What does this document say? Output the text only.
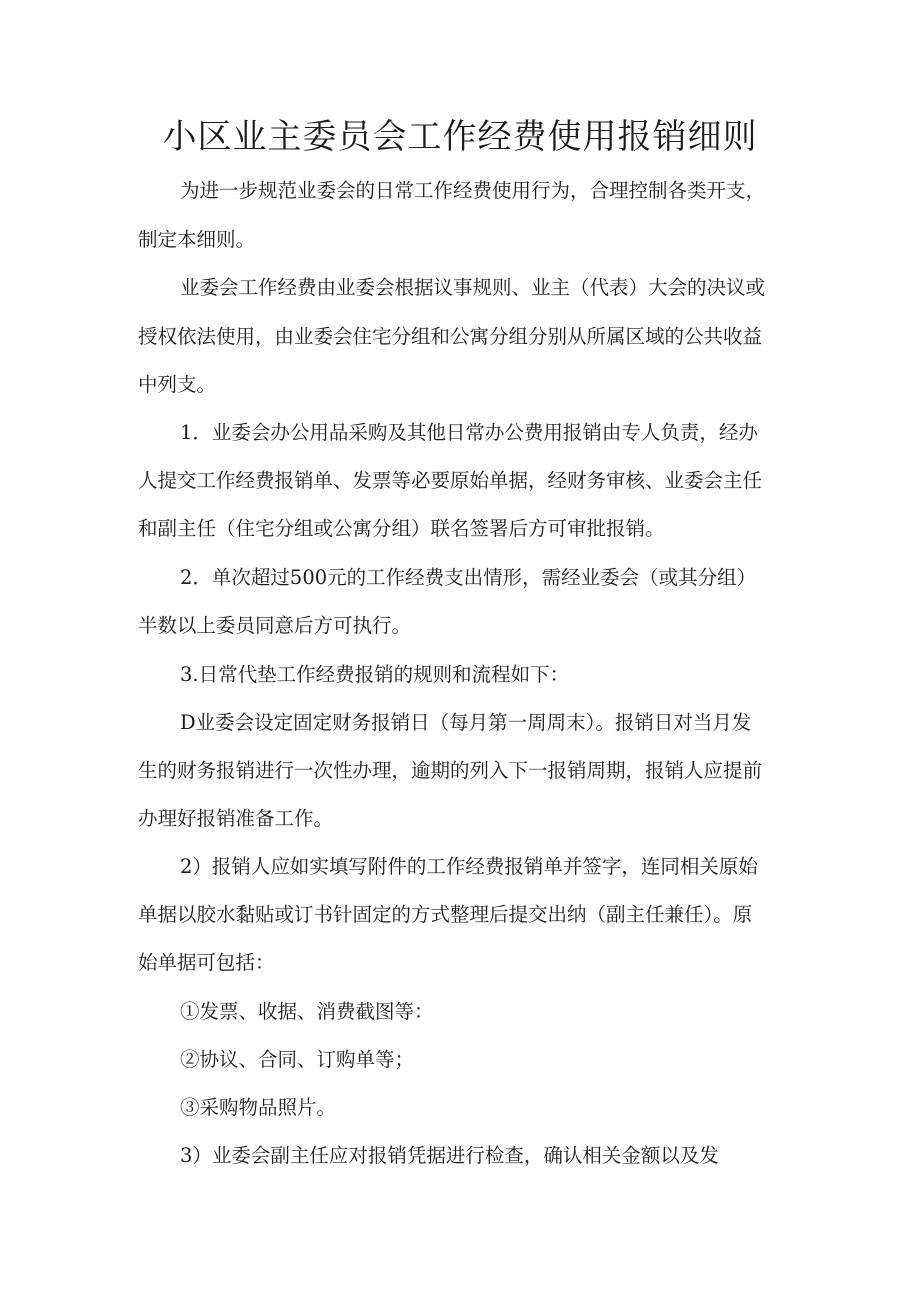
小区业主委员会工作经费使用报销细则

为进一步规范业委会的日常工作经费使用行为，合理控制各类开支，

制定本细则。

业委会工作经费由业委会根据议事规则、业主（代表）大会的决议或

授权依法使用，由业委会住宅分组和公寓分组分别从所属区域的公共收益

中列支。

1．业委会办公用品采购及其他日常办公费用报销由专人负责，经办

人提交工作经费报销单、发票等必要原始单据，经财务审核、业委会主任

和副主任（住宅分组或公寓分组）联名签署后方可审批报销。

2．单次超过500元的工作经费支出情形，需经业委会（或其分组）

半数以上委员同意后方可执行。

3.日常代垫工作经费报销的规则和流程如下：

D业委会设定固定财务报销日（每月第一周周末）。报销日对当月发

生的财务报销进行一次性办理，逾期的列入下一报销周期，报销人应提前

办理好报销准备工作。

2）报销人应如实填写附件的工作经费报销单并签字，连同相关原始

单据以胶水黏贴或订书针固定的方式整理后提交出纳（副主任兼任）。原

始单据可包括：

①发票、收据、消费截图等：

②协议、合同、订购单等；

③采购物品照片。

3）业委会副主任应对报销凭据进行检查，确认相关金额以及发
